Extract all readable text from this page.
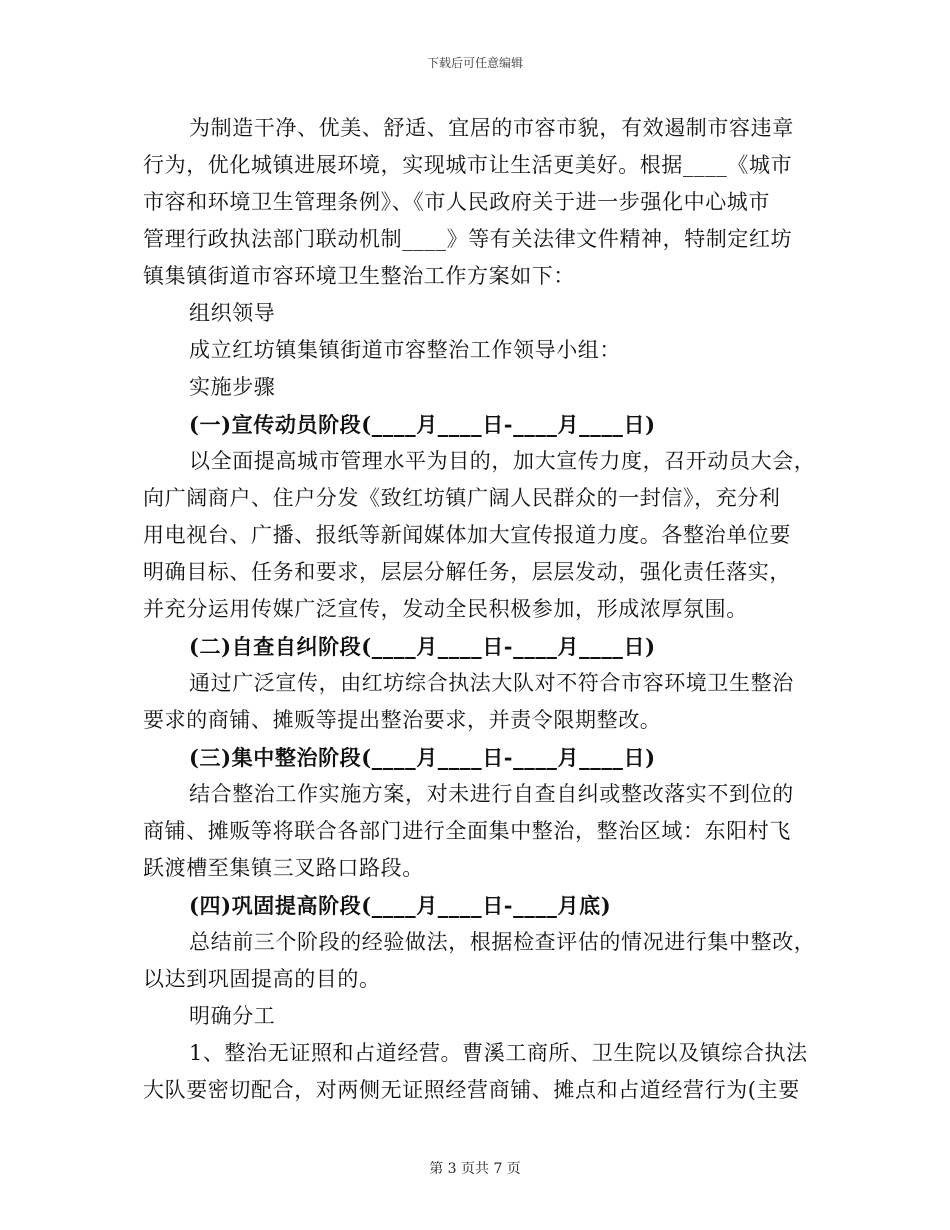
下载后可任意编辑

为制造干净、优美、舒适、宜居的市容市貌，有效遏制市容违章

行为，优化城镇进展环境，实现城市让生活更美好。根据____《城市

市容和环境卫生管理条例》、《市人民政府关于进一步强化中心城市

管理行政执法部门联动机制____》等有关法律文件精神，特制定红坊

镇集镇街道市容环境卫生整治工作方案如下：

组织领导

成立红坊镇集镇街道市容整治工作领导小组：

实施步骤

(一)宣传动员阶段(____月____日-____月____日)

以全面提高城市管理水平为目的，加大宣传力度，召开动员大会，

向广阔商户、住户分发《致红坊镇广阔人民群众的一封信》，充分利

用电视台、广播、报纸等新闻媒体加大宣传报道力度。各整治单位要

明确目标、任务和要求，层层分解任务，层层发动，强化责任落实，

并充分运用传媒广泛宣传，发动全民积极参加，形成浓厚氛围。

(二)自查自纠阶段(____月____日-____月____日)

通过广泛宣传，由红坊综合执法大队对不符合市容环境卫生整治

要求的商铺、摊贩等提出整治要求，并责令限期整改。

(三)集中整治阶段(____月____日-____月____日)

结合整治工作实施方案，对未进行自查自纠或整改落实不到位的

商铺、摊贩等将联合各部门进行全面集中整治，整治区域：东阳村飞

跃渡槽至集镇三叉路口路段。

(四)巩固提高阶段(____月____日-____月底)

总结前三个阶段的经验做法，根据检查评估的情况进行集中整改，

以达到巩固提高的目的。

明确分工

1、整治无证照和占道经营。曹溪工商所、卫生院以及镇综合执法

大队要密切配合，对两侧无证照经营商铺、摊点和占道经营行为(主要

第 3 页共 7 页
